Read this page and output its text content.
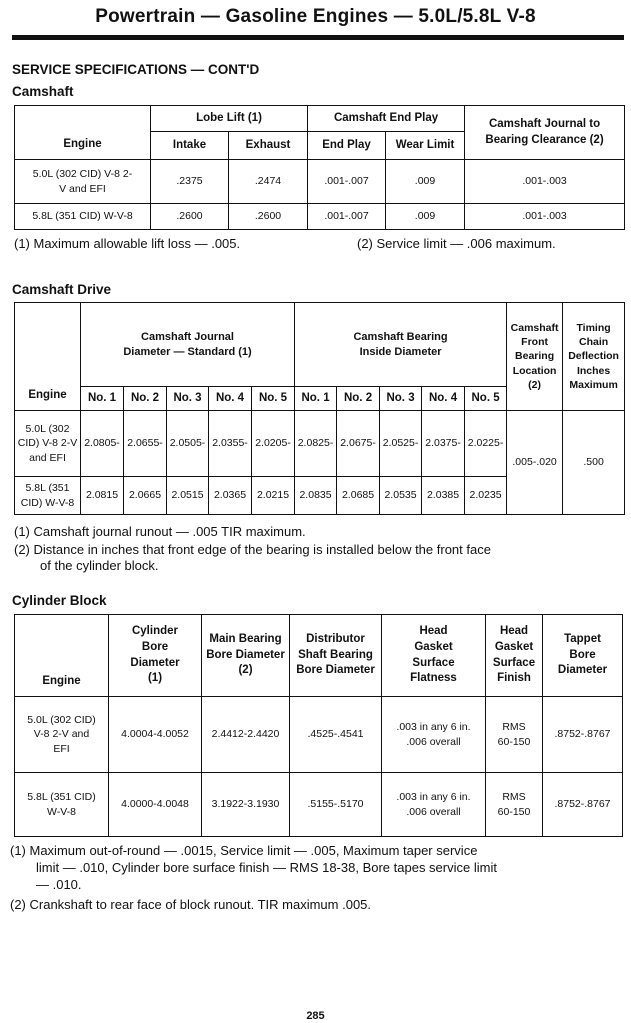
Powertrain — Gasoline Engines — 5.0L/5.8L V-8
SERVICE SPECIFICATIONS — CONT'D
Camshaft
Engine	Lobe Lift (1)		Camshaft End Play		Camshaft Journal to Bearing Clearance (2)
	Intake	Exhaust	End Play	Wear Limit	
5.0L (302 CID) V-8 2-V and EFI	.2375	.2474	.001-.007	.009	.001-.003
5.8L (351 CID) W-V-8	.2600	.2600	.001-.007	.009	.001-.003
(1) Maximum allowable lift loss — .005.	(2) Service limit — .006 maximum.
Camshaft Drive
Engine	Camshaft Journal Diameter — Standard (1)					Camshaft Bearing Inside Diameter					Camshaft Front Bearing Location (2)	Timing Chain Deflection Inches Maximum
	No. 1	No. 2	No. 3	No. 4	No. 5	No. 1	No. 2	No. 3	No. 4	No. 5		
5.0L (302 CID) V-8 2-V and EFI	2.0805-	2.0655-	2.0505-	2.0355-	2.0205-	2.0825-	2.0675-	2.0525-	2.0375-	2.0225-	.005-.020	.500
5.8L (351 CID) W-V-8	2.0815	2.0665	2.0515	2.0365	2.0215	2.0835	2.0685	2.0535	2.0385	2.0235		
(1) Camshaft journal runout — .005 TIR maximum.
(2) Distance in inches that front edge of the bearing is installed below the front face
of the cylinder block.
Cylinder Block
Engine	Cylinder Bore Diameter (1)	Main Bearing Bore Diameter (2)	Distributor Shaft Bearing Bore Diameter	Head Gasket Surface Flatness	Head Gasket Surface Finish	Tappet Bore Diameter
5.0L (302 CID) V-8 2-V and EFI	4.0004-4.0052	2.4412-2.4420	.4525-.4541	.003 in any 6 in. .006 overall	RMS 60-150	.8752-.8767
5.8L (351 CID) W-V-8	4.0000-4.0048	3.1922-3.1930	.5155-.5170	.003 in any 6 in. .006 overall	RMS 60-150	.8752-.8767
(1) Maximum out-of-round — .0015, Service limit — .005, Maximum taper service
limit — .010, Cylinder bore surface finish — RMS 18-38, Bore tapes service limit
— .010.
(2) Crankshaft to rear face of block runout. TIR maximum .005.
285
